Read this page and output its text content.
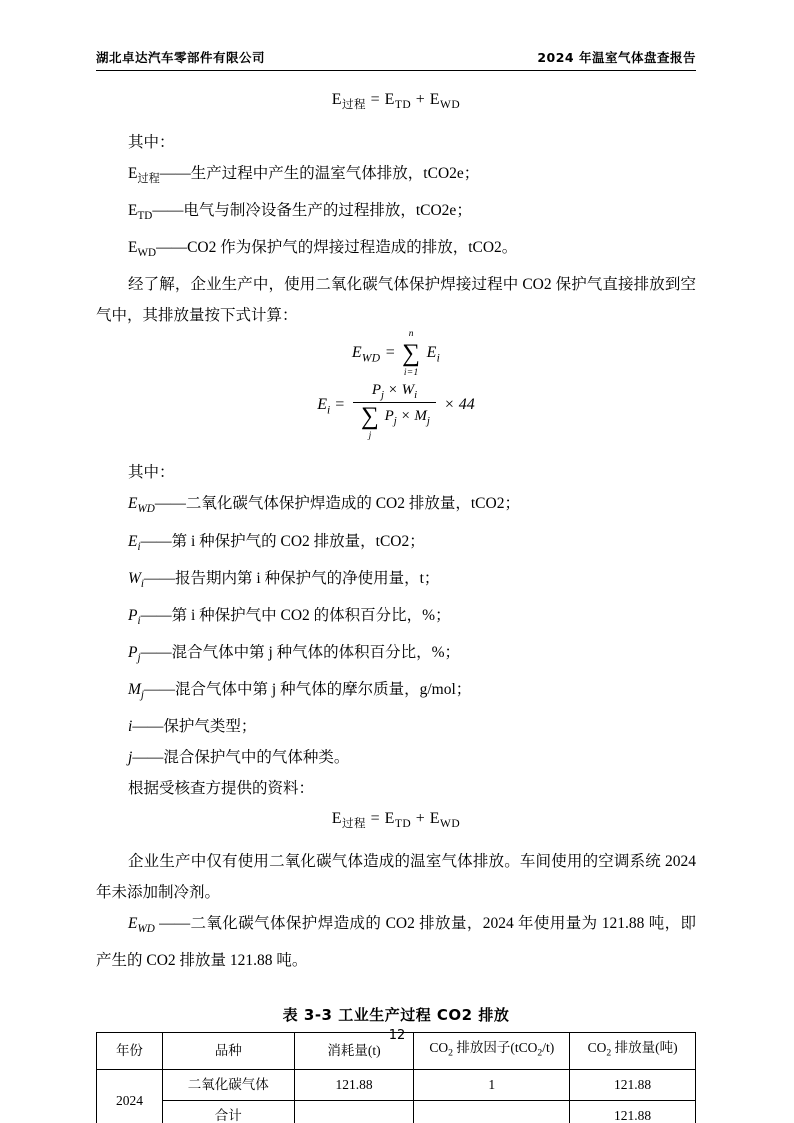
湖北卓达汽车零部件有限公司	2024 年温室气体盘查报告
$E_{过程} = E_{TD} + E_{WD}$

其中：

$E_{过程}——$生产过程中产生的温室气体排放，tCO2e；

$E_{TD}——$电气与制冷设备生产的过程排放，tCO2e；

$E_{WD}——CO2$ 作为保护气的焊接过程造成的排放，tCO2。

经了解，企业生产中，使用二氧化碳气体保护焊接过程中 CO2 保护气直接排放到空气中，其排放量按下式计算：

$E_{WD}$ =
n
∑
i=1
$E_i$
$E_i$ =
$P_j \times W_i$
∑
j
$P_j \times M_j$
× 44

其中：

$E_{WD}——$二氧化碳气体保护焊造成的 CO2 排放量，tCO2；

$E_i——$第 i 种保护气的 CO2 排放量，tCO2；

$W_i——$报告期内第 i 种保护气的净使用量，t；

$P_i——$第 i 种保护气中 CO2 的体积百分比，%；

$P_j——$混合气体中第 j 种气体的体积百分比，%；

$M_j——$混合气体中第 j 种气体的摩尔质量，g/mol；

i——保护气类型；

j——混合保护气中的气体种类。

根据受核查方提供的资料：

$E_{过程} = E_{TD} + E_{WD}$

企业生产中仅有使用二氧化碳气体造成的温室气体排放。车间使用的空调系统 2024 年未添加制冷剂。

$E_{WD}$ ——二氧化碳气体保护焊造成的 CO2 排放量，2024 年使用量为 121.88 吨，即产生的 CO2 排放量 121.88 吨。

表 3-3 工业生产过程 CO2 排放
年份	品种	消耗量(t)	$CO_2$ 排放因子(tCO$_2$/t)	$CO_2$ 排放量(吨)
2024	二氧化碳气体	121.88	1	121.88
	合计			121.88
12
